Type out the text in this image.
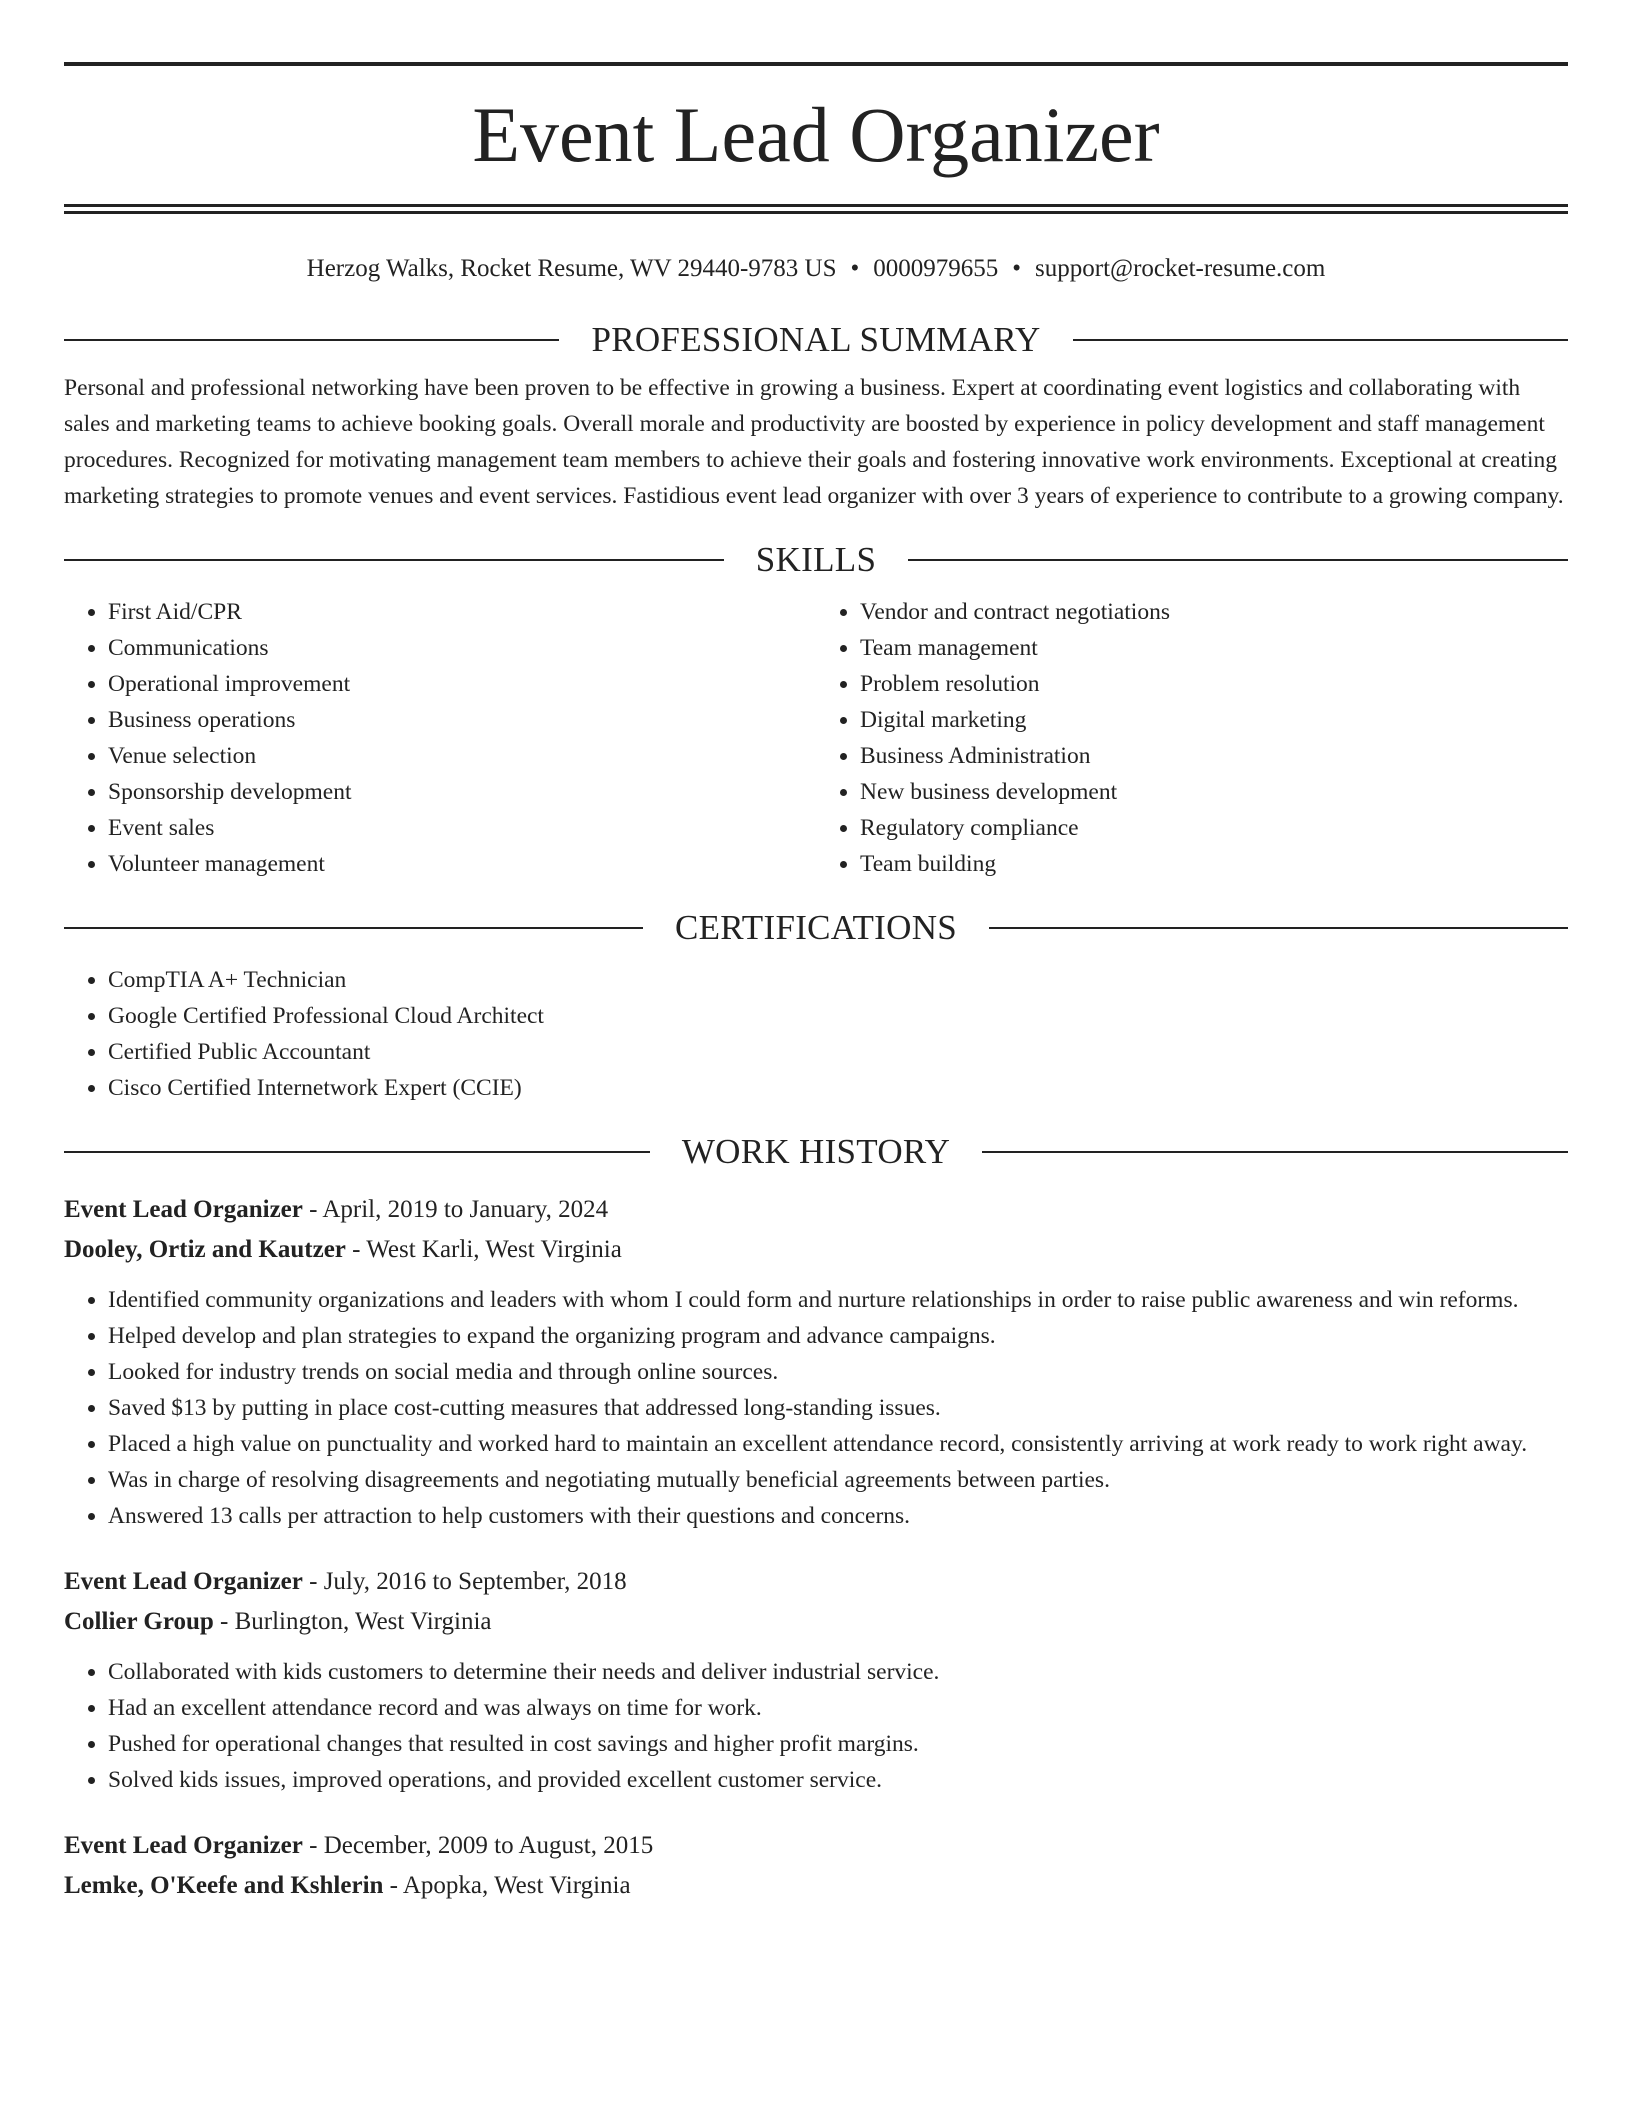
Event Lead Organizer
Herzog Walks, Rocket Resume, WV 29440-9783 US • 0000979655 • support@rocket-resume.com
PROFESSIONAL SUMMARY

Personal and professional networking have been proven to be effective in growing a business. Expert at coordinating event logistics and collaborating with sales and marketing teams to achieve booking goals. Overall morale and productivity are boosted by experience in policy development and staff management procedures. Recognized for motivating management team members to achieve their goals and fostering innovative work environments. Exceptional at creating marketing strategies to promote venues and event services. Fastidious event lead organizer with over 3 years of experience to contribute to a growing company.

SKILLS
• First Aid/CPR
• Communications
• Operational improvement
• Business operations
• Venue selection
• Sponsorship development
• Event sales
• Volunteer management
• Vendor and contract negotiations
• Team management
• Problem resolution
• Digital marketing
• Business Administration
• New business development
• Regulatory compliance
• Team building
CERTIFICATIONS
• CompTIA A+ Technician
• Google Certified Professional Cloud Architect
• Certified Public Accountant
• Cisco Certified Internetwork Expert (CCIE)
WORK HISTORY
Event Lead Organizer - April, 2019 to January, 2024
Dooley, Ortiz and Kautzer - West Karli, West Virginia
• Identified community organizations and leaders with whom I could form and nurture relationships in order to raise public awareness and win reforms.
• Helped develop and plan strategies to expand the organizing program and advance campaigns.
• Looked for industry trends on social media and through online sources.
• Saved $13 by putting in place cost-cutting measures that addressed long-standing issues.
• Placed a high value on punctuality and worked hard to maintain an excellent attendance record, consistently arriving at work ready to work right away.
• Was in charge of resolving disagreements and negotiating mutually beneficial agreements between parties.
• Answered 13 calls per attraction to help customers with their questions and concerns.
Event Lead Organizer - July, 2016 to September, 2018
Collier Group - Burlington, West Virginia
• Collaborated with kids customers to determine their needs and deliver industrial service.
• Had an excellent attendance record and was always on time for work.
• Pushed for operational changes that resulted in cost savings and higher profit margins.
• Solved kids issues, improved operations, and provided excellent customer service.
Event Lead Organizer - December, 2009 to August, 2015
Lemke, O'Keefe and Kshlerin - Apopka, West Virginia
